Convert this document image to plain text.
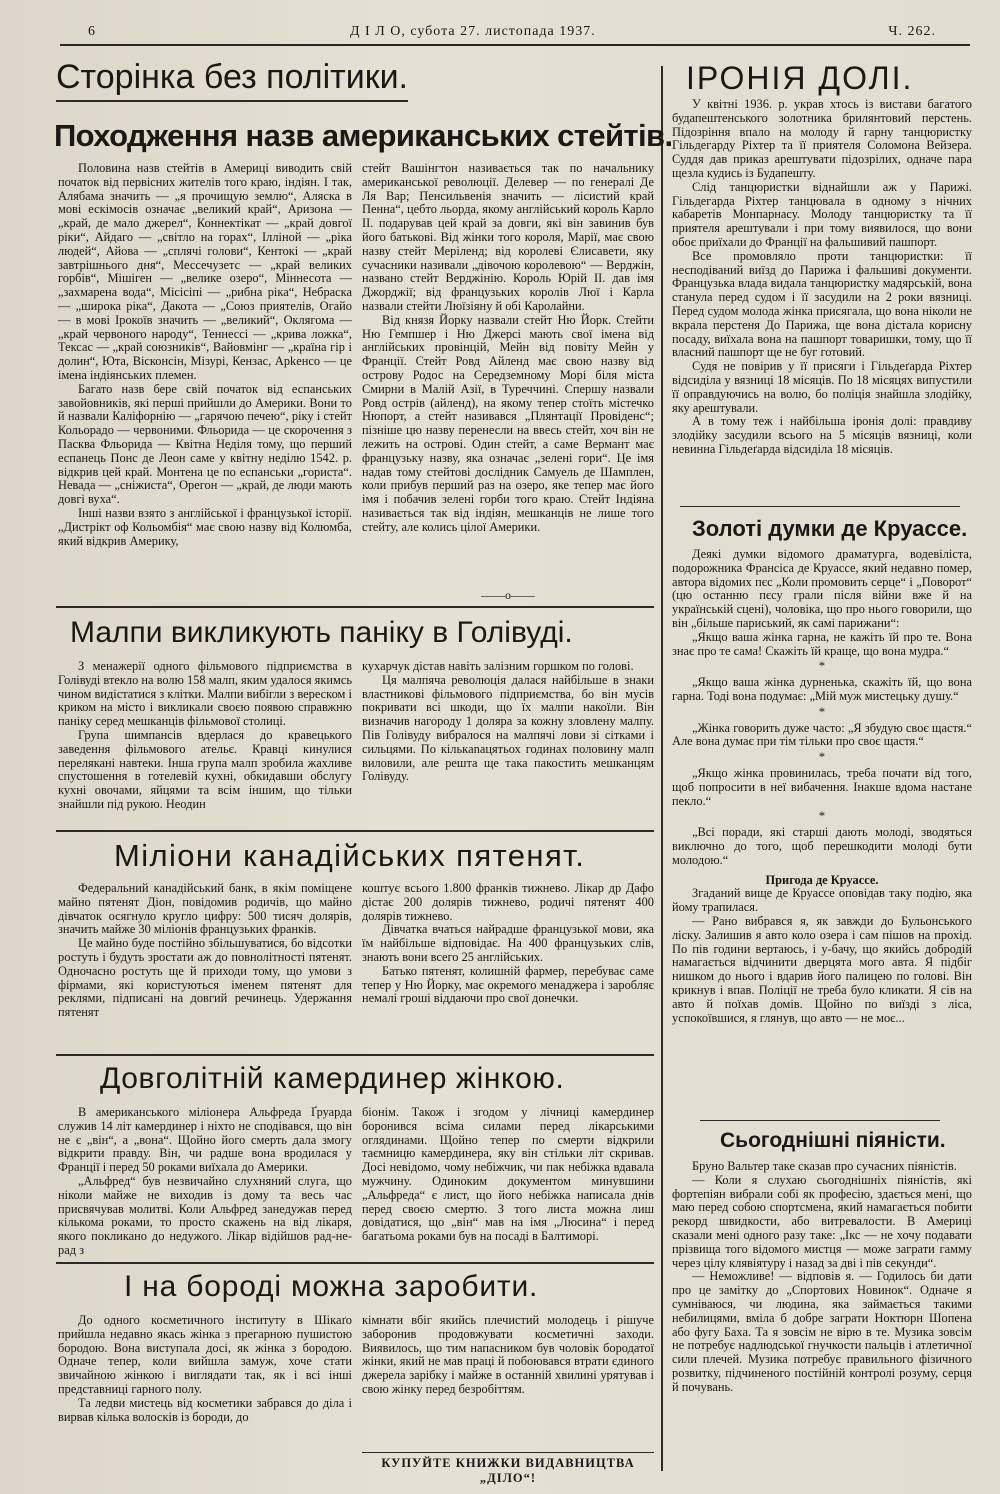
6	Д І Л О, субота 27. листопада 1937.	Ч. 262.
Сторінка без політики.
Походження назв американських стейтів.

Половина назв стейтів в Америці виводить свій початок від первісних жителів того краю, індіян. І так, Алябама значить — „я прочищую землю“, Аляска в мові ескімосів означає „великий край“, Аризона — „край, де мало джерел“, Коннектікат — „край довгої ріки“, Айдаго — „світло на горах“, Ілліной — „ріка людей“, Айова — „сплячі голови“, Кентокі — „край завтрішнього дня“, Мессечузетс — „край великих горбів“, Мішіген — „велике озеро“, Міннесота — „захмарена вода“, Місісіпі — „рибна ріка“, Небраска — „широка ріка“, Дакота — „Союз приятелів, Огайо — в мові Ірокоїв значить — „великий“, Оклягома — „край червоного народу“, Теннессі — „крива ложка“, Тексас — „край союзників“, Вайовмінг — „країна гір і долин“, Юта, Вісконсін, Мізурі, Кензас, Арkенсо — це імена індіянських племен.

Багато назв бере свій початок від еспанських завойовників, які перші прийшли до Америки. Вони то й назвали Каліфорнію — „гарячою печею“, ріку і стейт Кольорадо — червоними. Фльорида — це скорочення з Пасква Фльорида — Квітна Неділя тому, що перший еспанець Понс де Леон саме у квітну неділю 1542. р. відкрив цей край. Монтена це по еспанськи „гориста“. Невада — „сніжиста“, Орегон — „край, де люди мають довгі вуха“.

Інші назви взято з англійської і французької історії. „Дистрікт оф Кольомбія“ має свою назву від Колюмба, який відкрив Америку,

стейт Вашінгтон називається так по начальникy американської революції. Делевер — по генералі Де Ля Вар; Пенсильвенія значить — лісистий край Пенна“, цебто льорда, якому англійський король Карло II. подарував цей край за довги, які він завинив був його батькові. Від жінки того короля, Марії, має свою назву стейт Мерілeнд; від королеві Єлисавети, яку сучасники називали „дівочою королевою“ — Верджін, названо стейт Верджінію. Король Юрій II. дав імя Джорджії; від французьких королів Люї і Карла назвали стейти Люїзіяну й обі Каролайни.

Від князя Йорку назвали стейт Ню Йорк. Стейти Ню Гемпшер і Ню Джерсі мають свої імена від англійських провінцій, Мейн від повіту Мейн у Франції. Стейт Ровд Айленд має свою назву від острову Родос на Середземному Морі біля міста Смирни в Малій Азії, в Туреччині. Спершу назвали Ровд острів (айленд), на якому тепер стоїть містечко Нюпорт, а стейт називався „Плянтації Провіденс“; пізніше цю назву перенесли на ввесь стейт, хоч він не лежить на острові. Один стейт, а саме Вермант має французьку назву, яка означає „зелені гори“. Це імя надав тому стейтові дослідник Самуель де Шамплен, коли прибув перший раз на озеро, яке тепер має його імя і побачив зелені горби того краю. Стейт Індіяна називається так від індіян, мешканців не лише того стейту, але колись цілої Америки.

——o——
Малпи викликують паніку в Голівуді.

З менажерії одного фільмового підприємства в Голівуді втекло на волю 158 малп, яким удалося якимсь чином видістатися з клітки. Малпи вибігли з вереском і криком на місто і викликали своєю появою справжню паніку серед мешканців фільмової столиці.

Група шимпансів вдерлася до кравецького заведення фільмового ательє. Кравці кинулися перелякані навтеки. Інша група малп зробила жахливе спустошення в готелевій кухні, обкидавши обслугу кухні овочами, яйцями та всім іншим, що тільки знайшли під рукою. Неодин

кухарчук дістав навіть залізним горшком по голові.

Ця малпяча революція далася найбільше в знаки властникові фільмового підприємства, бо він мусів покривати всі шкоди, що їх малпи накоїли. Він визначив нагороду 1 доляра за кожну зловлену малпу. Пів Голівуду вибралося на малпячі лови зі сітками і сильцями. По кількanaцятьох годинах половину малп виловили, але решта ще така пакостить мешканцям Голівуду.

Міліони канадійських пятенят.

Федеральний канадійський банк, в якім поміщене майно пятенят Діон, повідомив родичів, що майно дівчаток осягнуло кругло цифру: 500 тисяч долярів, значить майже 30 міліонів французьких франків.

Це майно буде постійно збільшуватися, бо відсотки ростуть і будуть зростати аж до повнолітності пятенят. Одночасно ростуть ще й приходи тому, що умови з фірмами, які користуються іменем пятенят для реклями, підписані на довгий речинець. Удержання пятенят

коштує всього 1.800 франків тижнево. Лікар др Дафо дістає 200 долярів тижнево, родичі пятенят 400 долярів тижнево.

Дівчатка вчаться найрадше французької мови, яка їм найбільше відповідає. На 400 французьких слів, знають вони всего 25 англійських.

Батько пятенят, колишній фармер, перебуває саме тепер у Ню Йорку, має окремого менаджера і заробляє немалі гроші віддаючи про свої донечки.

Довголітній камердинер жінкою.

В американського міліонера Альфреда Ґруарда служив 14 літ камердинер і ніхто не сподівався, що він не є „він“, а „вона“. Щойно його смерть дала змогу відкрити правду. Він, чи радше вона вродилася у Франції і перед 50 роками виїхала до Америки.

„Альфред“ був незвичайно слухняний слуга, що ніколи майже не виходив із дому та весь час присвячував молитві. Коли Альфред занедужав перед кількома роками, то просто скажень на від лікаря, якого покликано до недужого. Лікар відійшов рад-не-рад з

біонім. Також і згодом у лічниці камердинер боронився всіма силами перед лікарськими оглядинами. Щойно тепер по смерти відкрили таємницю камердинера, яку він стільки літ скривав. Досі невідомо, чому небіжчик, чи пак небіжка вдавала мужчину. Одиноким документом минувшини „Альфреда“ є лист, що його небіжка написала днів перед своєю смертю. З того листа можна лиш довідатися, що „він“ мав на імя „Люсина“ і перед багатьома роками був на посаді в Балтиморі.

І на бороді можна заробити.

До одного косметичного інституту в Шікаґо прийшла недавно якась жінка з прегарною пушистою бородою. Вона виступала досі, як жінка з бородою. Одначе тепер, коли вийшла замуж, хоче стати звичайною жінкою і виглядати так, як і всі інші представниці гарного полу.

Та ледви мистець від косметики забрався до діла і вирвав кілька волосків із бороди, до

кімнати вбіг якийсь плечистий молодець і рішуче заборонив продовжувати косметичні заходи. Виявилось, що тим напасником був чоловік бородатої жінки, який не мав праці й побоювався втрати єдиного джерела зарібку і майже в останній хвилині урятував і свою жінку перед безробіттям.

КУПУЙТЕ КНИЖКИ ВИДАВНИЦТВА „ДІЛО“!
ІРОНІЯ ДОЛІ.

У квітні 1936. р. украв хтось із вистави багатого будапештенського золотника брилянтовий перстень. Підозріння впало на молоду й гарну танцюристку Гільдегарду Ріхтер та її приятеля Соломона Вейзера. Суддя дав приказ арештувати підозрілих, одначе пара щезла кудись із Будапешту.

Слід танцюристки віднайшли аж у Парижі. Гільдегарда Ріхтер танцювала в одному з нічних кабаретів Монпарнасу. Молоду танцюристку та її приятеля арештували і при тому виявилося, що вони обоє приїхали до Франції на фальшивий пашпорт.

Все промовляло проти танцюристки: її несподіваний виїзд до Парижа і фальшиві документи. Французька влада видала танцюристку мадярській, вона станула перед судом і її засудили на 2 роки вязниці. Перед судом молода жінка присягала, що вона ніколи не вкрала перстеня До Парижа, ще вона дістала корисну посаду, виїхала вона на пашпорт товаришки, тому, що її власний пашпорт ще не буг готовий.

Судя не повірив у її присяги і Гільдеґарда Ріхтер відсиділа у вязниці 18 місяців. По 18 місяцях випустили її оправдуючись на волю, бо поліція знайшла злодійку, яку арештували.

А в тому теж і найбільша іронія долі: правдиву злодійку засудили всього на 5 місяців вязниці, коли невинна Гільдеґарда відсиділа 18 місяців.

Золоті думки де Круассе.

Деякі думки відомого драматурга, водевіліста, подорожника Франсіса де Круассе, який недавно помер, автора відомих пєс „Коли промовить серце“ і „Поворот“ (цю останню пєсу грали після війни вже й на українській сцені), чоловіка, що про нього говорили, що він „більше париський, як самі парижани“:

„Якщо ваша жінка гарна, не кажіть їй про те. Вона знає про те сама! Скажіть їй краще, що вона мудра.“

*

„Якщо ваша жінка дурненька, скажіть їй, що вона гарна. Тоді вона подумає: „Мій муж мистецьку душу.“

*

„Жінка говорить дуже часто: „Я збудую своє щастя.“ Але вона думає при тім тільки про своє щастя.“

*

„Якщо жінка провинилась, треба почати від того, щоб попросити в неї вибачення. Інакше вдома настане пекло.“

*

„Всі поради, які старші дають молоді, зводяться виключно до того, щоб перешкодити молоді бути молодою.“

Пригода де Круассе.

Згаданий вище де Круассе оповідав таку подію, яка йому трапилася.

— Рано вибрався я, як завжди до Бульонського ліску. Залишив я авто коло озера і сам пішов на прохід. По пів години вертаюсь, і у-бачу, що якийсь добродій намагається відчинити дверцята мого авта. Я підбіг нишком до нього і вдарив його палицею по голові. Він крикнув і впав. Поліції не треба було кликати. Я сів на авто й поїхав домів. Щойно по виїзді з ліса, успокоївшися, я глянув, що авто — не моє...

Сьогоднішні піяністи.

Бруно Вальтер таке сказав про сучасних піяністів.

— Коли я слухаю сьогоднішніх піяністів, які фортепіян вибрали собі як професію, здається мені, що маю перед собою спортсмена, який намагається побити рекорд швидкости, або витревалости. В Америці сказали мені одного разу таке: „Ікс — не хочу подавати прізвища того відомого мистця — може заграти гамму через цілу клявіятуру і назад за дві і пів секунди“.

— Неможливе! — відповів я. — Годилось би дати про це замітку до „Спортових Новинок“. Одначе я сумніваюся, чи людина, яка займається такими небилицями, вміла б добре заграти Ноктюрн Шопена або фугу Баха. Та я зовсім не вірю в те. Музика зовсім не потребує надлюдської гнучкости пальців і атлетичної сили плечей. Музика потребує правильного фізичного розвитку, підчиненого постійній контролі розуму, серця й почувань.
